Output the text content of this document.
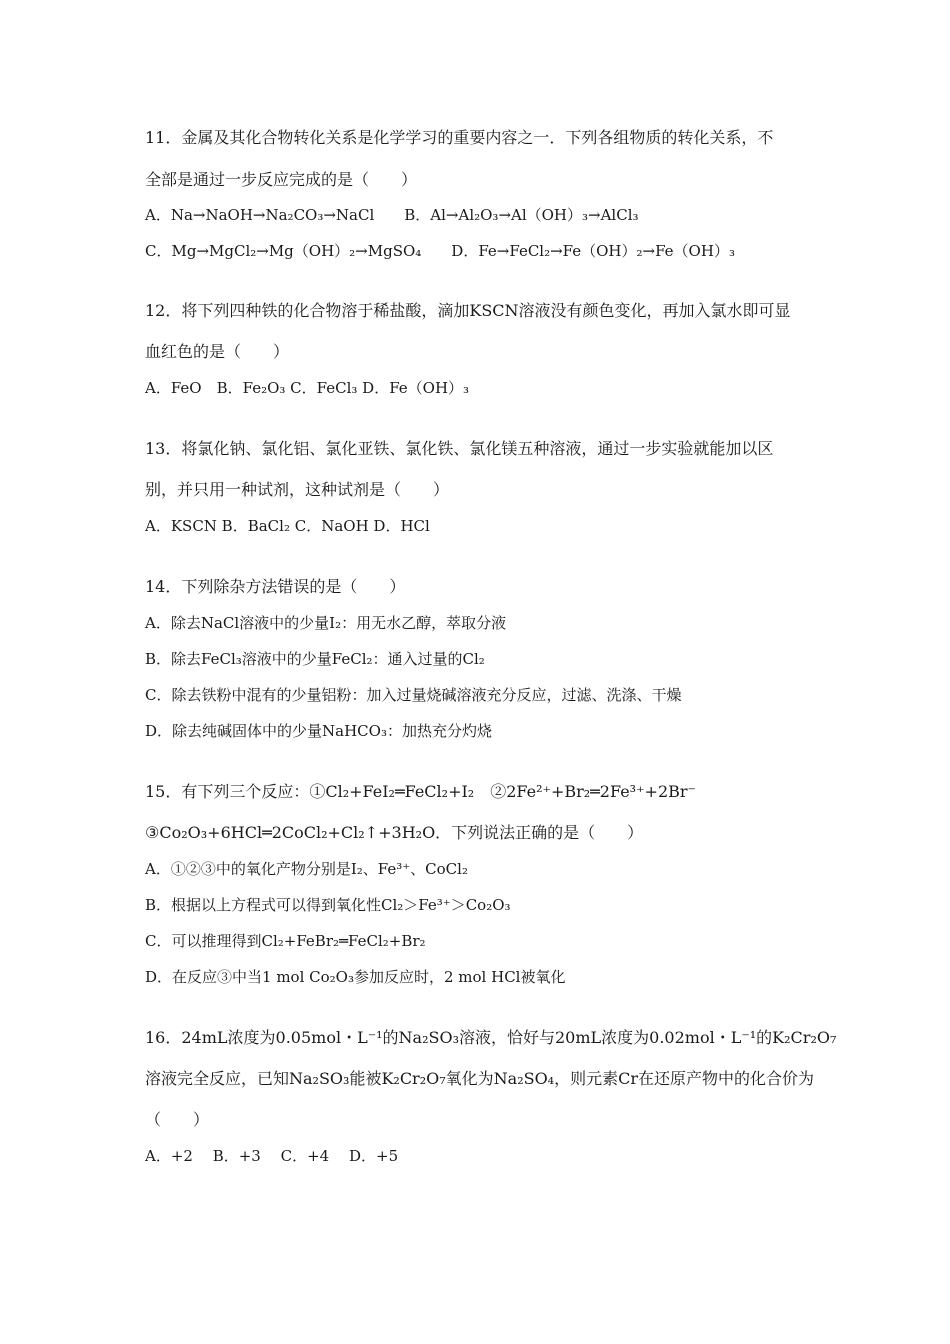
11．金属及其化合物转化关系是化学学习的重要内容之一．下列各组物质的转化关系，不
全部是通过一步反应完成的是（　　）
A．Na→NaOH→Na₂CO₃→NaCl　　B．Al→Al₂O₃→Al（OH）₃→AlCl₃
C．Mg→MgCl₂→Mg（OH）₂→MgSO₄　　D．Fe→FeCl₂→Fe（OH）₂→Fe（OH）₃
12．将下列四种铁的化合物溶于稀盐酸，滴加KSCN溶液没有颜色变化，再加入氯水即可显
血红色的是（　　）
A．FeO　B．Fe₂O₃ C．FeCl₃ D．Fe（OH）₃
13．将氯化钠、氯化铝、氯化亚铁、氯化铁、氯化镁五种溶液，通过一步实验就能加以区
别，并只用一种试剂，这种试剂是（　　）
A．KSCN B．BaCl₂ C．NaOH D．HCl
14．下列除杂方法错误的是（　　）
A．除去NaCl溶液中的少量I₂：用无水乙醇，萃取分液
B．除去FeCl₃溶液中的少量FeCl₂：通入过量的Cl₂
C．除去铁粉中混有的少量铝粉：加入过量烧碱溶液充分反应，过滤、洗涤、干燥
D．除去纯碱固体中的少量NaHCO₃：加热充分灼烧
15．有下列三个反应：①Cl₂+FeI₂═FeCl₂+I₂　②2Fe²⁺+Br₂═2Fe³⁺+2Br⁻
③Co₂O₃+6HCl═2CoCl₂+Cl₂↑+3H₂O．下列说法正确的是（　　）
A．①②③中的氧化产物分别是I₂、Fe³⁺、CoCl₂
B．根据以上方程式可以得到氧化性Cl₂＞Fe³⁺＞Co₂O₃
C．可以推理得到Cl₂+FeBr₂═FeCl₂+Br₂
D．在反应③中当1 mol Co₂O₃参加反应时，2 mol HCl被氧化
16．24mL浓度为0.05mol・L⁻¹的Na₂SO₃溶液，恰好与20mL浓度为0.02mol・L⁻¹的K₂Cr₂O₇
溶液完全反应，已知Na₂SO₃能被K₂Cr₂O₇氧化为Na₂SO₄，则元素Cr在还原产物中的化合价为
（　　）
A．+2　 B．+3　 C．+4　 D．+5
